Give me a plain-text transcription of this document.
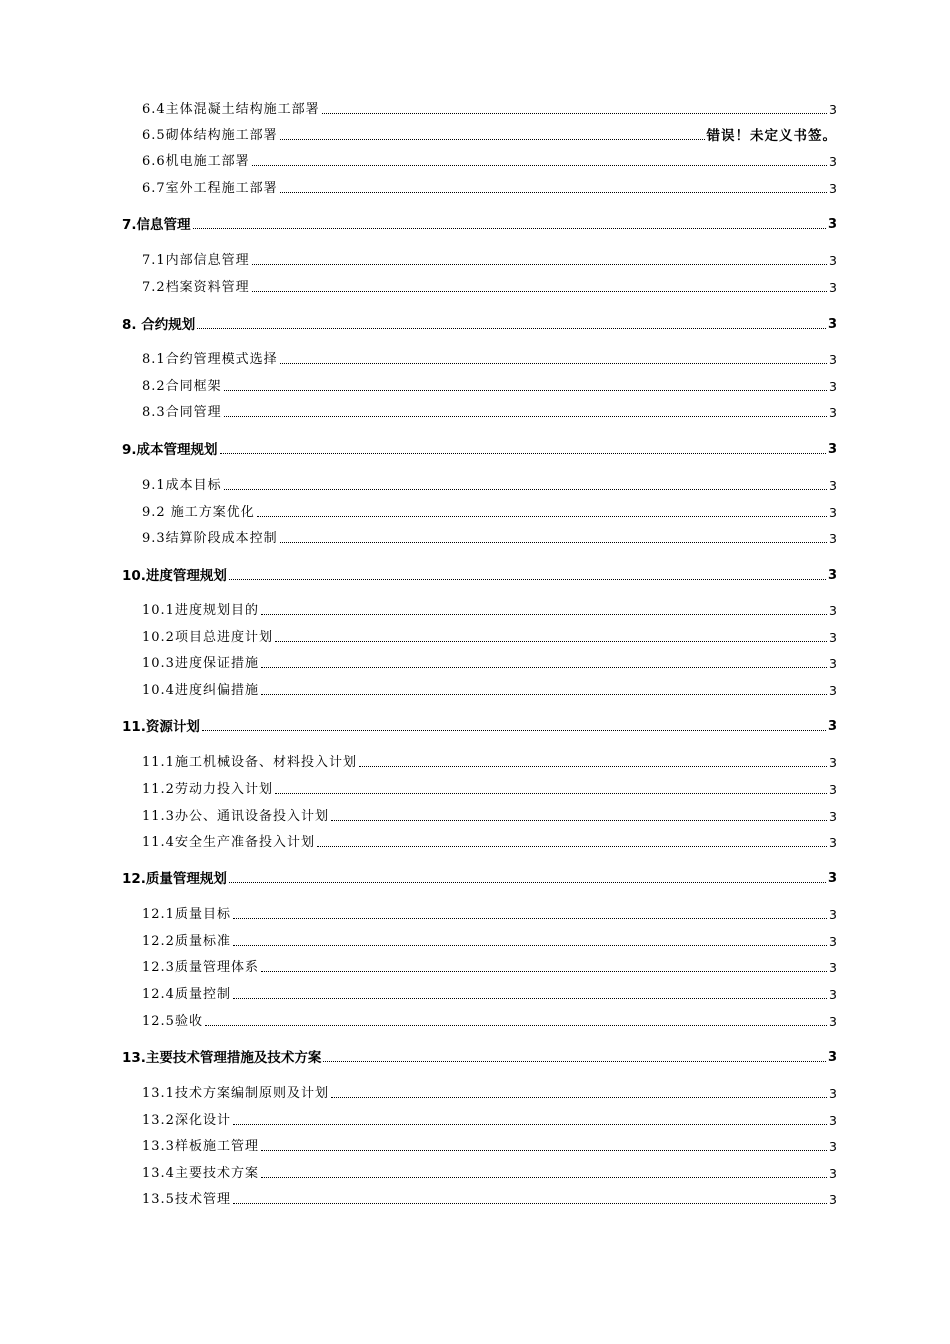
6.4主体混凝土结构施工部署	3
6.5砌体结构施工部署	错误！未定义书签。
6.6机电施工部署	3
6.7室外工程施工部署	3
7.信息管理	3
7.1内部信息管理	3
7.2档案资料管理	3
8. 合约规划	3
8.1合约管理模式选择	3
8.2合同框架	3
8.3合同管理	3
9.成本管理规划	3
9.1成本目标	3
9.2 施工方案优化	3
9.3结算阶段成本控制	3
10.进度管理规划	3
10.1进度规划目的	3
10.2项目总进度计划	3
10.3进度保证措施	3
10.4进度纠偏措施	3
11.资源计划	3
11.1施工机械设备、材料投入计划	3
11.2劳动力投入计划	3
11.3办公、通讯设备投入计划	3
11.4安全生产准备投入计划	3
12.质量管理规划	3
12.1质量目标	3
12.2质量标准	3
12.3质量管理体系	3
12.4质量控制	3
12.5验收	3
13.主要技术管理措施及技术方案	3
13.1技术方案编制原则及计划	3
13.2深化设计	3
13.3样板施工管理	3
13.4主要技术方案	3
13.5技术管理	3
